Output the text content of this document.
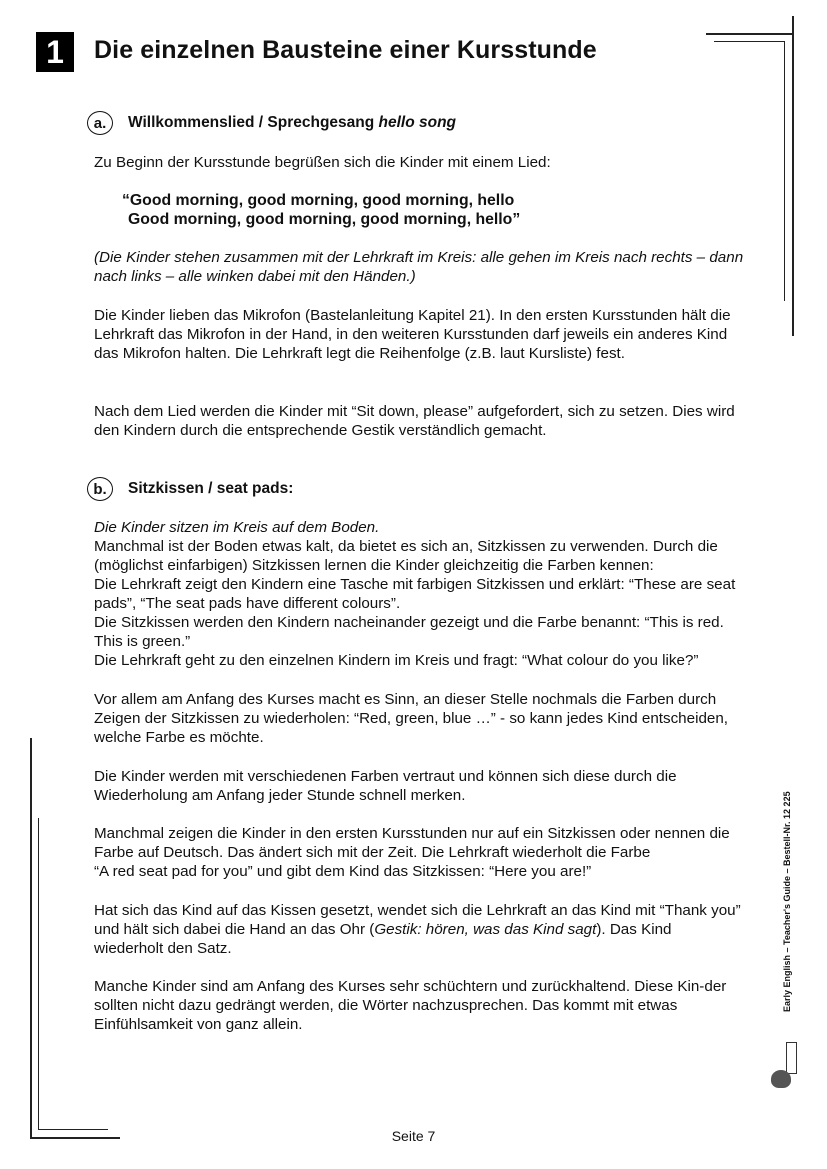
1	Die einzelnen Bausteine einer Kursstunde
a.	Willkommenslied / Sprechgesang hello song

Zu Beginn der Kursstunde begrüßen sich die Kinder mit einem Lied:

“Good morning, good morning, good morning, hello

Good morning, good morning, good morning, hello”

(Die Kinder stehen zusammen mit der Lehrkraft im Kreis: alle gehen im Kreis nach rechts – dann nach links – alle winken dabei mit den Händen.)

Die Kinder lieben das Mikrofon (Bastelanleitung Kapitel 21). In den ersten Kursstunden hält die Lehrkraft das Mikrofon in der Hand, in den weiteren Kursstunden darf jeweils ein anderes Kind das Mikrofon halten. Die Lehrkraft legt die Reihenfolge (z.B. laut Kursliste) fest.

Nach dem Lied werden die Kinder mit “Sit down, please” aufgefordert, sich zu setzen. Dies wird den Kindern durch die entsprechende Gestik verständlich gemacht.

b.	Sitzkissen / seat pads:

Die Kinder sitzen im Kreis auf dem Boden.

Manchmal ist der Boden etwas kalt, da bietet es sich an, Sitzkissen zu verwenden. Durch die (möglichst einfarbigen) Sitzkissen lernen die Kinder gleichzeitig die Farben kennen:

Die Lehrkraft zeigt den Kindern eine Tasche mit farbigen Sitzkissen und erklärt: “These are seat pads”, “The seat pads have different colours”.

Die Sitzkissen werden den Kindern nacheinander gezeigt und die Farbe benannt: “This is red. This is green.”

Die Lehrkraft geht zu den einzelnen Kindern im Kreis und fragt: “What colour do you like?”

Vor allem am Anfang des Kurses macht es Sinn, an dieser Stelle nochmals die Farben durch Zeigen der Sitzkissen zu wiederholen: “Red, green, blue …” - so kann jedes Kind entscheiden, welche Farbe es möchte.

Die Kinder werden mit verschiedenen Farben vertraut und können sich diese durch die Wiederholung am Anfang jeder Stunde schnell merken.

Manchmal zeigen die Kinder in den ersten Kursstunden nur auf ein Sitzkissen oder nennen die Farbe auf Deutsch. Das ändert sich mit der Zeit. Die Lehrkraft wiederholt die Farbe

“A red seat pad for you” und gibt dem Kind das Sitzkissen: “Here you are!”

Hat sich das Kind auf das Kissen gesetzt, wendet sich die Lehrkraft an das Kind mit “Thank you” und hält sich dabei die Hand an das Ohr (Gestik: hören, was das Kind sagt). Das Kind wiederholt den Satz.

Manche Kinder sind am Anfang des Kurses sehr schüchtern und zurückhaltend. Diese Kin-der sollten nicht dazu gedrängt werden, die Wörter nachzusprechen. Das kommt mit etwas Einfühlsamkeit von ganz allein.

Early English – Teacher's Guide – Bestell-Nr. 12 225
Seite 7
